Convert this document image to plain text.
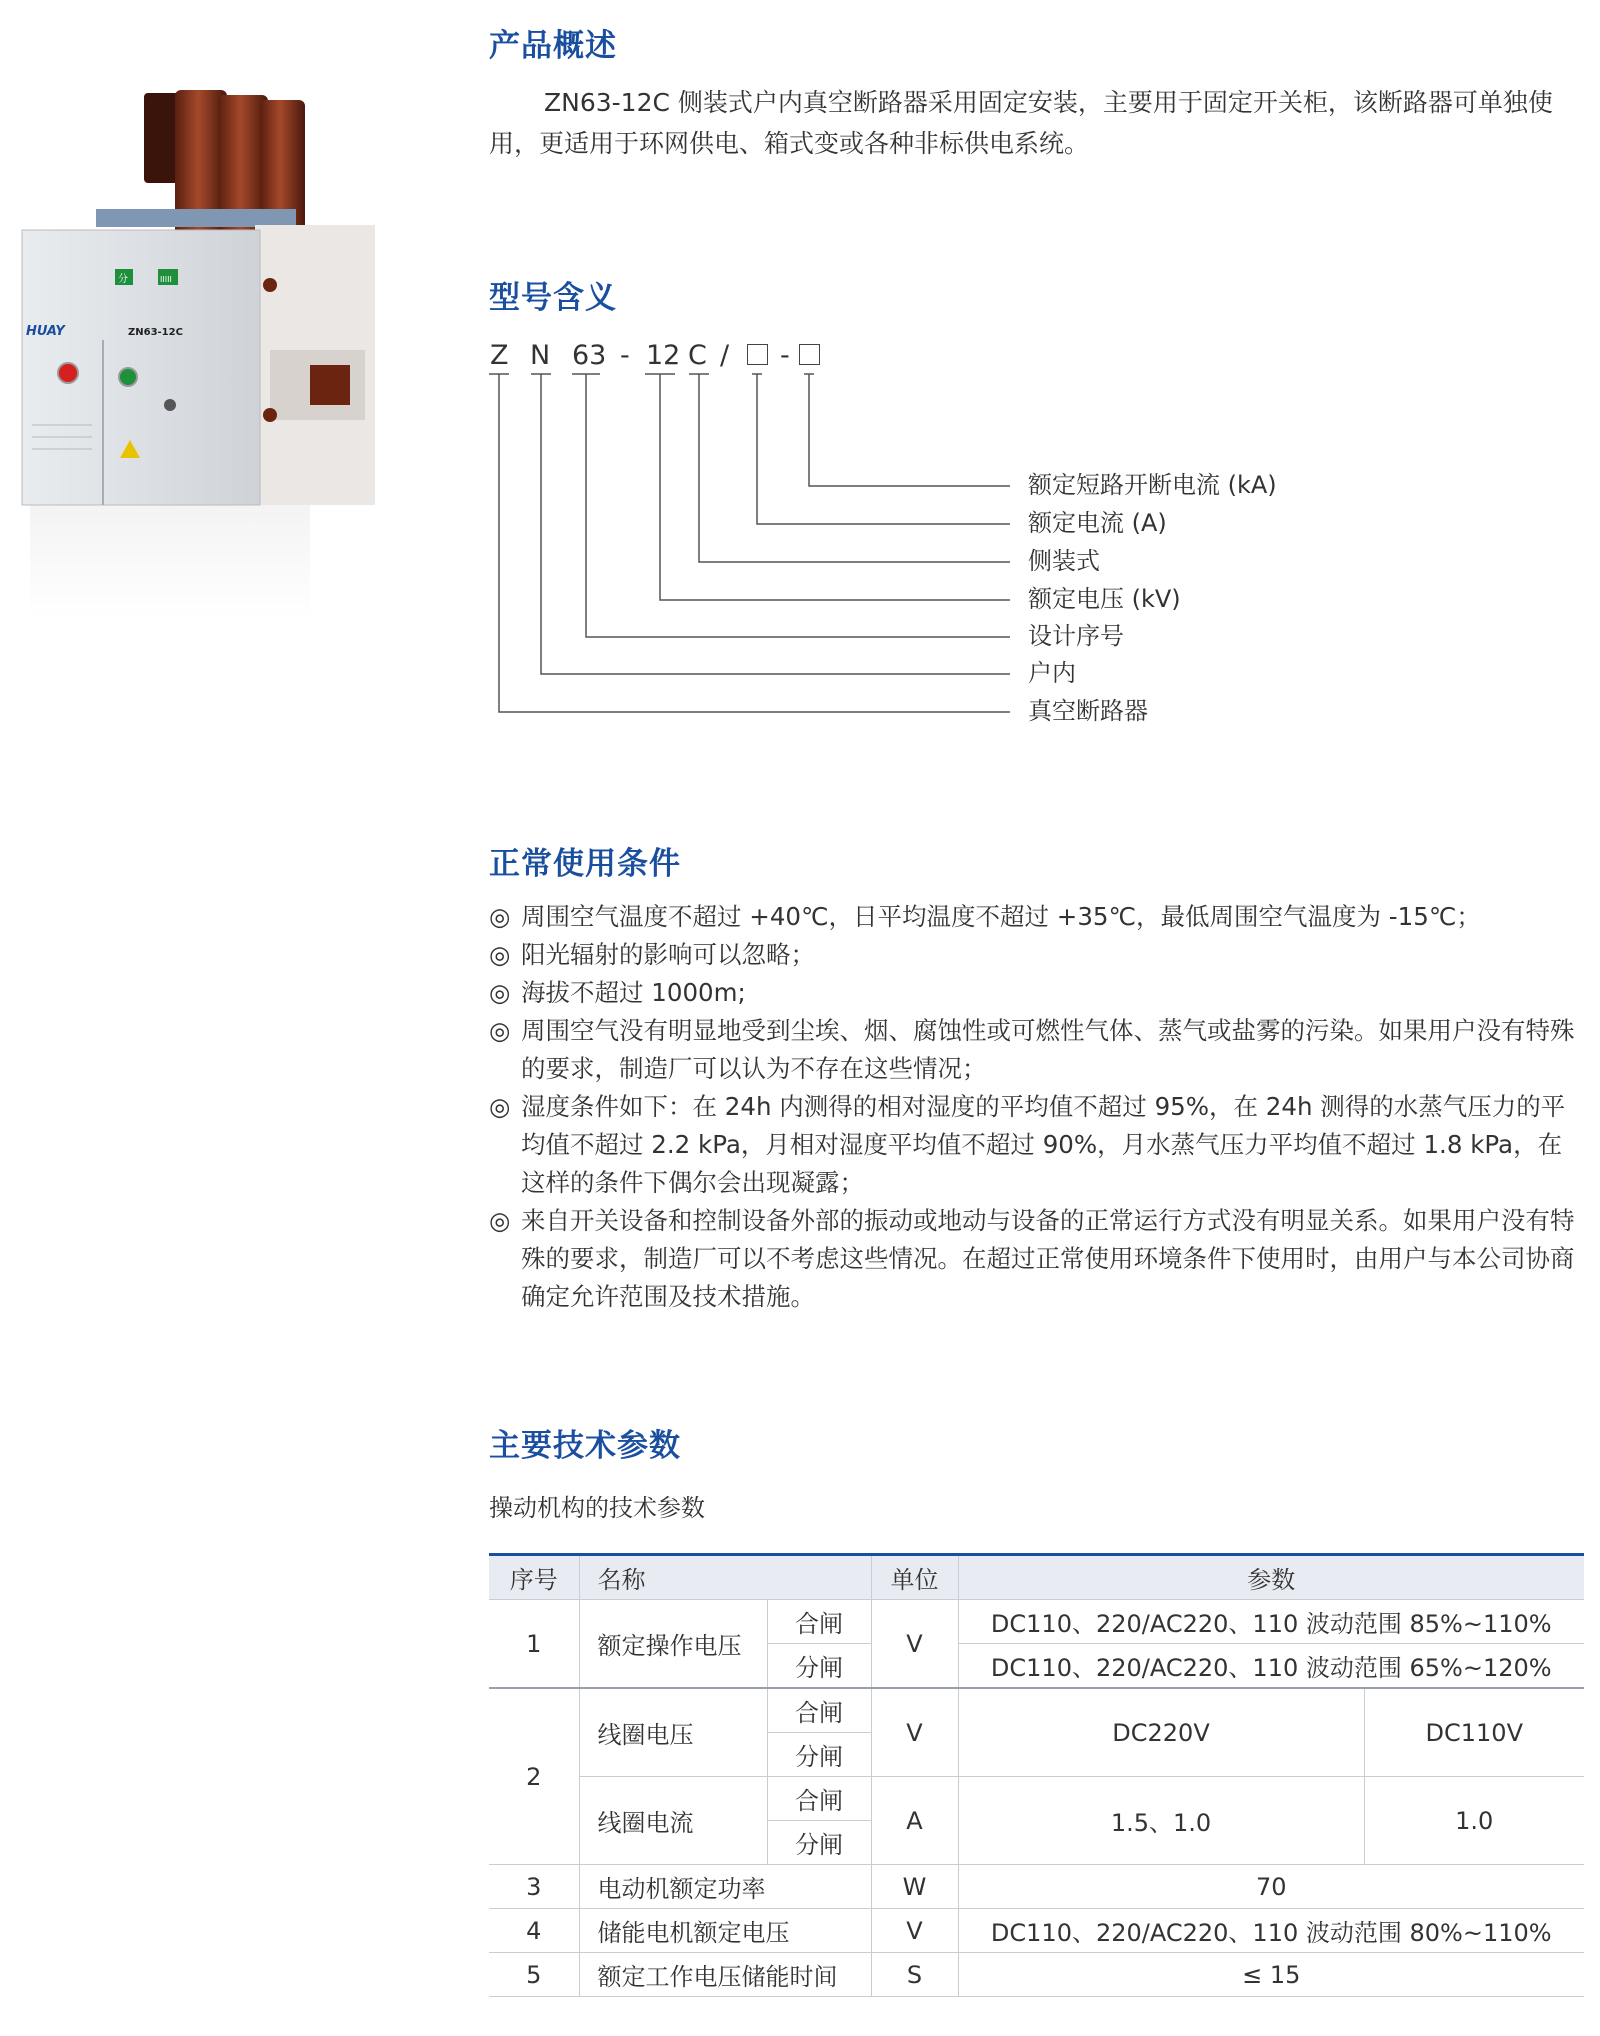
分	IIIII
HUAY	ZN63-12C
产品概述

ZN63-12C 侧装式户内真空断路器采用固定安装，主要用于固定开关柜，该断路器可单独使用，更适用于环网供电、箱式变或各种非标供电系统。

型号含义
Z N 63 - 12 C / -
额定短路开断电流 (kA)
额定电流 (A)
侧装式
额定电压 (kV)
设计序号
户内
真空断路器
正常使用条件
◎ 周围空气温度不超过 +40℃，日平均温度不超过 +35℃，最低周围空气温度为 -15℃；
◎ 阳光辐射的影响可以忽略；
◎ 海拔不超过 1000m;
◎ 周围空气没有明显地受到尘埃、烟、腐蚀性或可燃性气体、蒸气或盐雾的污染。如果用户没有特殊的要求，制造厂可以认为不存在这些情况；
◎ 湿度条件如下：在 24h 内测得的相对湿度的平均值不超过 95%，在 24h 测得的水蒸气压力的平均值不超过 2.2 kPa，月相对湿度平均值不超过 90%，月水蒸气压力平均值不超过 1.8 kPa，在这样的条件下偶尔会出现凝露；
◎ 来自开关设备和控制设备外部的振动或地动与设备的正常运行方式没有明显关系。如果用户没有特殊的要求，制造厂可以不考虑这些情况。在超过正常使用环境条件下使用时，由用户与本公司协商确定允许范围及技术措施。
主要技术参数

操动机构的技术参数

序号	名称		单位	参数	
1	额定操作电压	合闸	V	DC110、220/AC220、110 波动范围 85%~110%	
		分闸		DC110、220/AC220、110 波动范围 65%~120%	
2	线圈电压	合闸	V	DC220V	DC110V
		分闸			
	线圈电流	合闸	A	1.5、1.0	1.0
		分闸			
3	电动机额定功率		W	70	
4	储能电机额定电压		V	DC110、220/AC220、110 波动范围 80%~110%	
5	额定工作电压储能时间		S	≤ 15	
